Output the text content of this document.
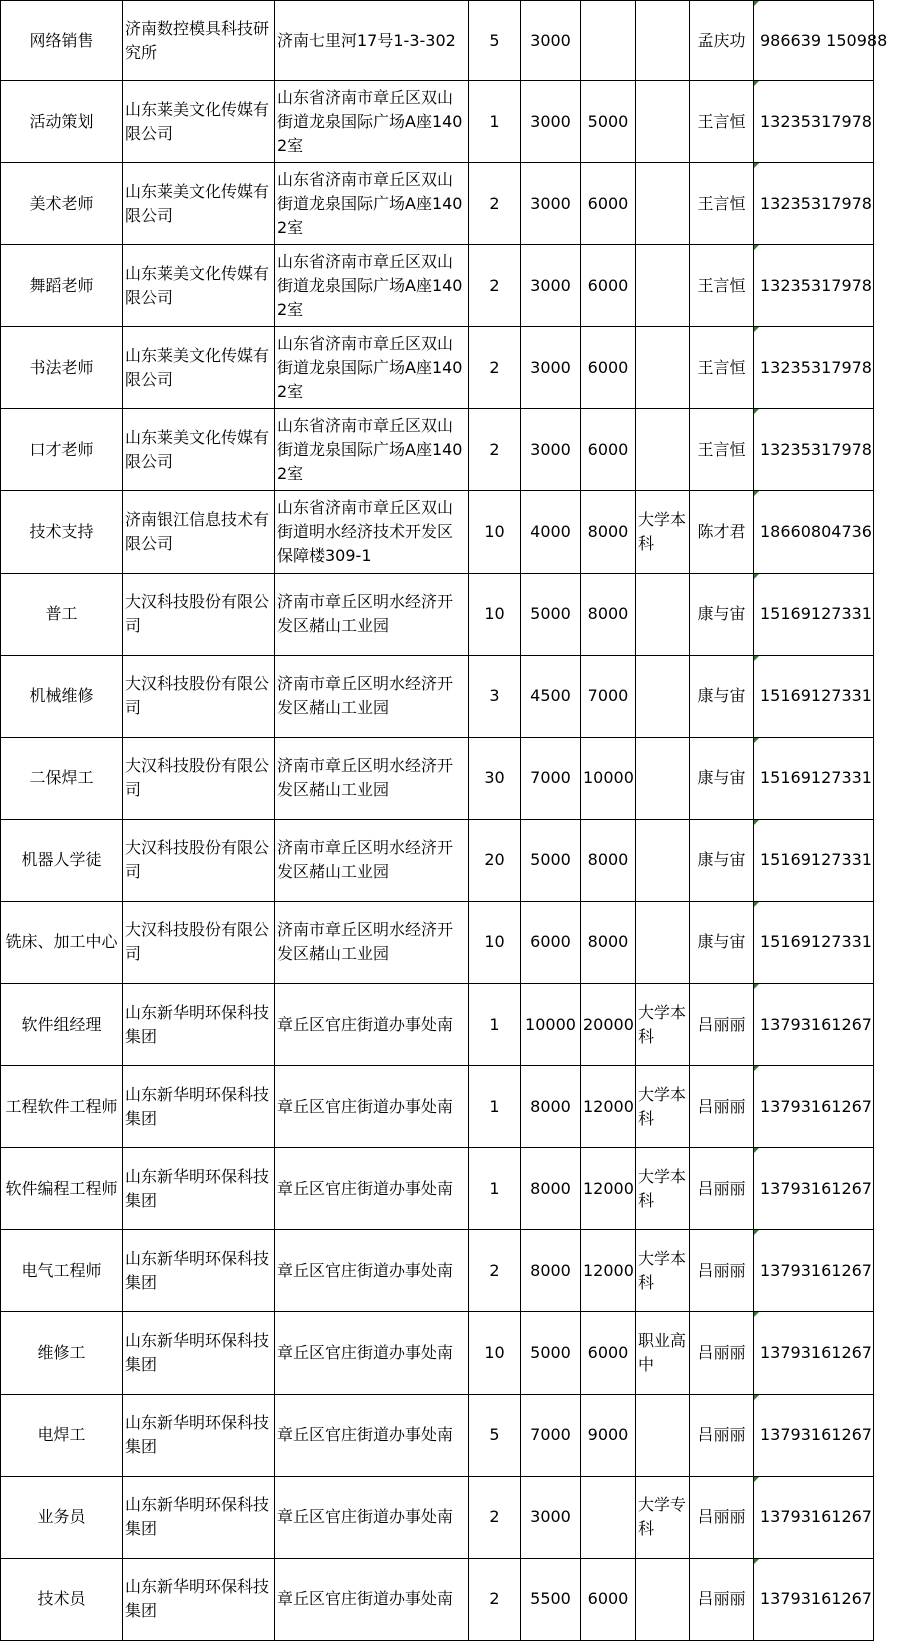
网络销售	济南数控模具科技研究所	济南七里河17号1-3-302	5	3000			孟庆功	986639 150988
活动策划	山东莱美文化传媒有限公司	山东省济南市章丘区双山街道龙泉国际广场A座1402室	1	3000	5000		王言恒	13235317978
美术老师	山东莱美文化传媒有限公司	山东省济南市章丘区双山街道龙泉国际广场A座1402室	2	3000	6000		王言恒	13235317978
舞蹈老师	山东莱美文化传媒有限公司	山东省济南市章丘区双山街道龙泉国际广场A座1402室	2	3000	6000		王言恒	13235317978
书法老师	山东莱美文化传媒有限公司	山东省济南市章丘区双山街道龙泉国际广场A座1402室	2	3000	6000		王言恒	13235317978
口才老师	山东莱美文化传媒有限公司	山东省济南市章丘区双山街道龙泉国际广场A座1402室	2	3000	6000		王言恒	13235317978
技术支持	济南银江信息技术有限公司	山东省济南市章丘区双山街道明水经济技术开发区保障楼309-1	10	4000	8000	大学本科	陈才君	18660804736
普工	大汉科技股份有限公司	济南市章丘区明水经济开发区赭山工业园	10	5000	8000		康与宙	15169127331
机械维修	大汉科技股份有限公司	济南市章丘区明水经济开发区赭山工业园	3	4500	7000		康与宙	15169127331
二保焊工	大汉科技股份有限公司	济南市章丘区明水经济开发区赭山工业园	30	7000	10000		康与宙	15169127331
机器人学徒	大汉科技股份有限公司	济南市章丘区明水经济开发区赭山工业园	20	5000	8000		康与宙	15169127331
铣床、加工中心	大汉科技股份有限公司	济南市章丘区明水经济开发区赭山工业园	10	6000	8000		康与宙	15169127331
软件组经理	山东新华明环保科技集团	章丘区官庄街道办事处南	1	10000	20000	大学本科	吕丽丽	13793161267
工程软件工程师	山东新华明环保科技集团	章丘区官庄街道办事处南	1	8000	12000	大学本科	吕丽丽	13793161267
软件编程工程师	山东新华明环保科技集团	章丘区官庄街道办事处南	1	8000	12000	大学本科	吕丽丽	13793161267
电气工程师	山东新华明环保科技集团	章丘区官庄街道办事处南	2	8000	12000	大学本科	吕丽丽	13793161267
维修工	山东新华明环保科技集团	章丘区官庄街道办事处南	10	5000	6000	职业高中	吕丽丽	13793161267
电焊工	山东新华明环保科技集团	章丘区官庄街道办事处南	5	7000	9000		吕丽丽	13793161267
业务员	山东新华明环保科技集团	章丘区官庄街道办事处南	2	3000		大学专科	吕丽丽	13793161267
技术员	山东新华明环保科技集团	章丘区官庄街道办事处南	2	5500	6000		吕丽丽	13793161267
